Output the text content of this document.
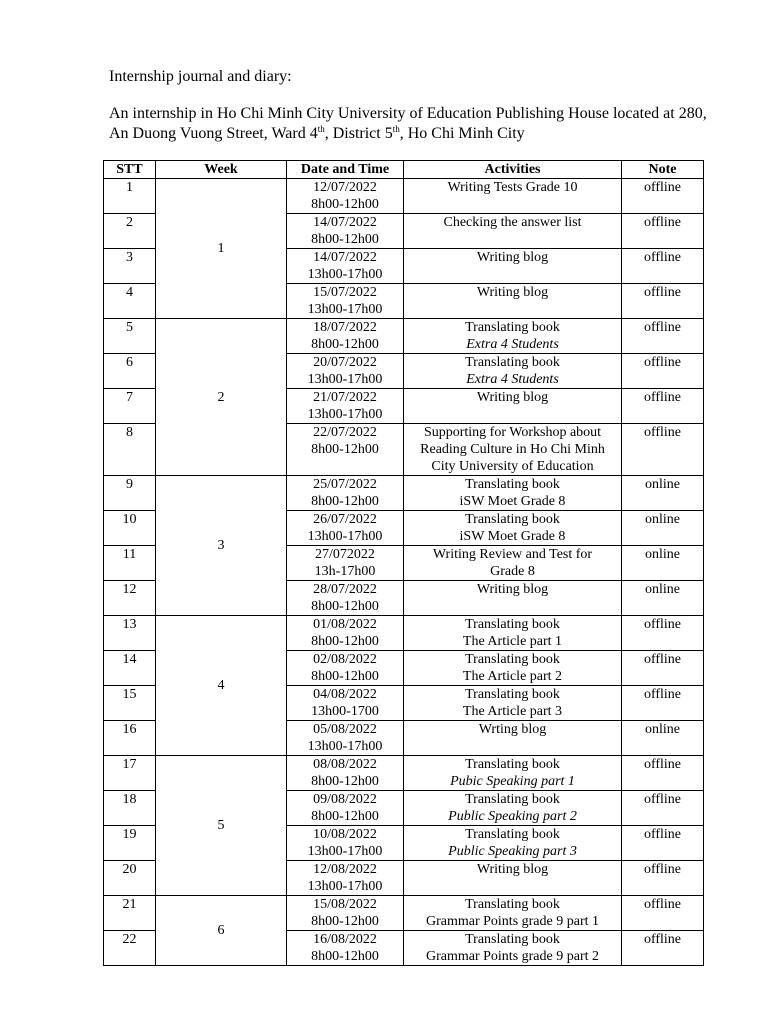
Internship journal and diary:

An internship in Ho Chi Minh City University of Education Publishing House located at 280, An Duong Vuong Street, Ward 4th, District 5th, Ho Chi Minh City

STT	Week	Date and Time	Activities	Note
1	1	12/07/2022
8h00-12h00	Writing Tests Grade 10	offline
2		14/07/2022
8h00-12h00	Checking the answer list	offline
3		14/07/2022
13h00-17h00	Writing blog	offline
4		15/07/2022
13h00-17h00	Writing blog	offline
5	2	18/07/2022
8h00-12h00	Translating book
Extra 4 Students	offline
6		20/07/2022
13h00-17h00	Translating book
Extra 4 Students	offline
7		21/07/2022
13h00-17h00	Writing blog	offline
8		22/07/2022
8h00-12h00	Supporting for Workshop about
Reading Culture in Ho Chi Minh
City University of Education	offline
9	3	25/07/2022
8h00-12h00	Translating book
iSW Moet Grade 8	online
10		26/07/2022
13h00-17h00	Translating book
iSW Moet Grade 8	online
11		27/072022
13h-17h00	Writing Review and Test for
Grade 8	online
12		28/07/2022
8h00-12h00	Writing blog	online
13	4	01/08/2022
8h00-12h00	Translating book
The Article part 1	offline
14		02/08/2022
8h00-12h00	Translating book
The Article part 2	offline
15		04/08/2022
13h00-1700	Translating book
The Article part 3	offline
16		05/08/2022
13h00-17h00	Wrting blog	online
17	5	08/08/2022
8h00-12h00	Translating book
Pubic Speaking part 1	offline
18		09/08/2022
8h00-12h00	Translating book
Public Speaking part 2	offline
19		10/08/2022
13h00-17h00	Translating book
Public Speaking part 3	offline
20		12/08/2022
13h00-17h00	Writing blog	offline
21	6	15/08/2022
8h00-12h00	Translating book
Grammar Points grade 9 part 1	offline
22		16/08/2022
8h00-12h00	Translating book
Grammar Points grade 9 part 2	offline
